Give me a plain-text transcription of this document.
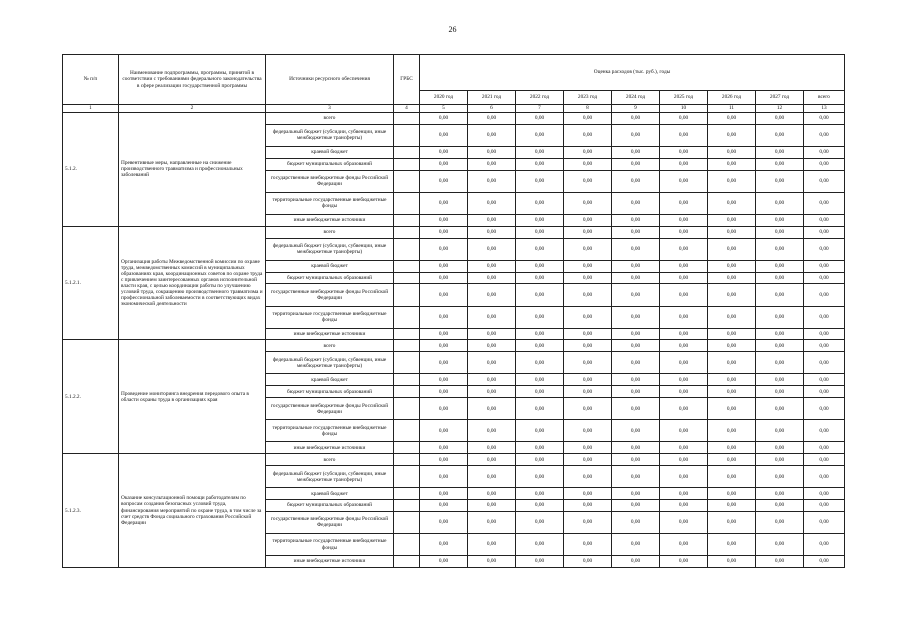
26
№ п/п	Наименование подпрограммы, программы, принятой в соответствии с требованиями федерального законодательства в сфере реализации государственной программы	Источники ресурсного обеспечения	ГРБС	Оценка расходов (тыс. руб.), годы								
				2020 год	2021 год	2022 год	2023 год	2024 год	2025 год	2026 год	2027 год	всего
1	2	3	4	5	6	7	8	9	10	11	12	13
5.1.2.	Превентивные меры, направленные на снижение производственного травматизма и профессиональных заболеваний	всего		0,00	0,00	0,00	0,00	0,00	0,00	0,00	0,00	0,00
		федеральный бюджет (субсидии, субвенции, иные межбюджетные трансферты)		0,00	0,00	0,00	0,00	0,00	0,00	0,00	0,00	0,00
		краевой бюджет		0,00	0,00	0,00	0,00	0,00	0,00	0,00	0,00	0,00
		бюджет муниципальных образований		0,00	0,00	0,00	0,00	0,00	0,00	0,00	0,00	0,00
		государственные внебюджетные фонды Российской Федерации		0,00	0,00	0,00	0,00	0,00	0,00	0,00	0,00	0,00
		территориальные государственные внебюджетные фонды		0,00	0,00	0,00	0,00	0,00	0,00	0,00	0,00	0,00
		иные внебюджетные источники		0,00	0,00	0,00	0,00	0,00	0,00	0,00	0,00	0,00
5.1.2.1.	Организация работы Межведомственной комиссии по охране труда, межведомственных комиссий в муниципальных образованиях края, координационных советов по охране труда с привлечением заинтересованных органов исполнительной власти края, с целью координации работы по улучшению условий труда, сокращению производственного травматизма и профессиональной заболеваемости в соответствующих видах экономической деятельности	всего		0,00	0,00	0,00	0,00	0,00	0,00	0,00	0,00	0,00
		федеральный бюджет (субсидии, субвенции, иные межбюджетные трансферты)		0,00	0,00	0,00	0,00	0,00	0,00	0,00	0,00	0,00
		краевой бюджет		0,00	0,00	0,00	0,00	0,00	0,00	0,00	0,00	0,00
		бюджет муниципальных образований		0,00	0,00	0,00	0,00	0,00	0,00	0,00	0,00	0,00
		государственные внебюджетные фонды Российской Федерации		0,00	0,00	0,00	0,00	0,00	0,00	0,00	0,00	0,00
		территориальные государственные внебюджетные фонды		0,00	0,00	0,00	0,00	0,00	0,00	0,00	0,00	0,00
		иные внебюджетные источники		0,00	0,00	0,00	0,00	0,00	0,00	0,00	0,00	0,00
5.1.2.2.	Проведение мониторинга внедрения передового опыта в области охраны труда в организациях края	всего		0,00	0,00	0,00	0,00	0,00	0,00	0,00	0,00	0,00
		федеральный бюджет (субсидии, субвенции, иные межбюджетные трансферты)		0,00	0,00	0,00	0,00	0,00	0,00	0,00	0,00	0,00
		краевой бюджет		0,00	0,00	0,00	0,00	0,00	0,00	0,00	0,00	0,00
		бюджет муниципальных образований		0,00	0,00	0,00	0,00	0,00	0,00	0,00	0,00	0,00
		государственные внебюджетные фонды Российской Федерации		0,00	0,00	0,00	0,00	0,00	0,00	0,00	0,00	0,00
		территориальные государственные внебюджетные фонды		0,00	0,00	0,00	0,00	0,00	0,00	0,00	0,00	0,00
		иные внебюджетные источники		0,00	0,00	0,00	0,00	0,00	0,00	0,00	0,00	0,00
5.1.2.3.	Оказание консультационной помощи работодателям по вопросам создания безопасных условий труда, финансирования мероприятий по охране труда, в том числе за счет средств Фонда социального страхования Российской Федерации	всего		0,00	0,00	0,00	0,00	0,00	0,00	0,00	0,00	0,00
		федеральный бюджет (субсидии, субвенции, иные межбюджетные трансферты)		0,00	0,00	0,00	0,00	0,00	0,00	0,00	0,00	0,00
		краевой бюджет		0,00	0,00	0,00	0,00	0,00	0,00	0,00	0,00	0,00
		бюджет муниципальных образований		0,00	0,00	0,00	0,00	0,00	0,00	0,00	0,00	0,00
		государственные внебюджетные фонды Российской Федерации		0,00	0,00	0,00	0,00	0,00	0,00	0,00	0,00	0,00
		территориальные государственные внебюджетные фонды		0,00	0,00	0,00	0,00	0,00	0,00	0,00	0,00	0,00
		иные внебюджетные источники		0,00	0,00	0,00	0,00	0,00	0,00	0,00	0,00	0,00
